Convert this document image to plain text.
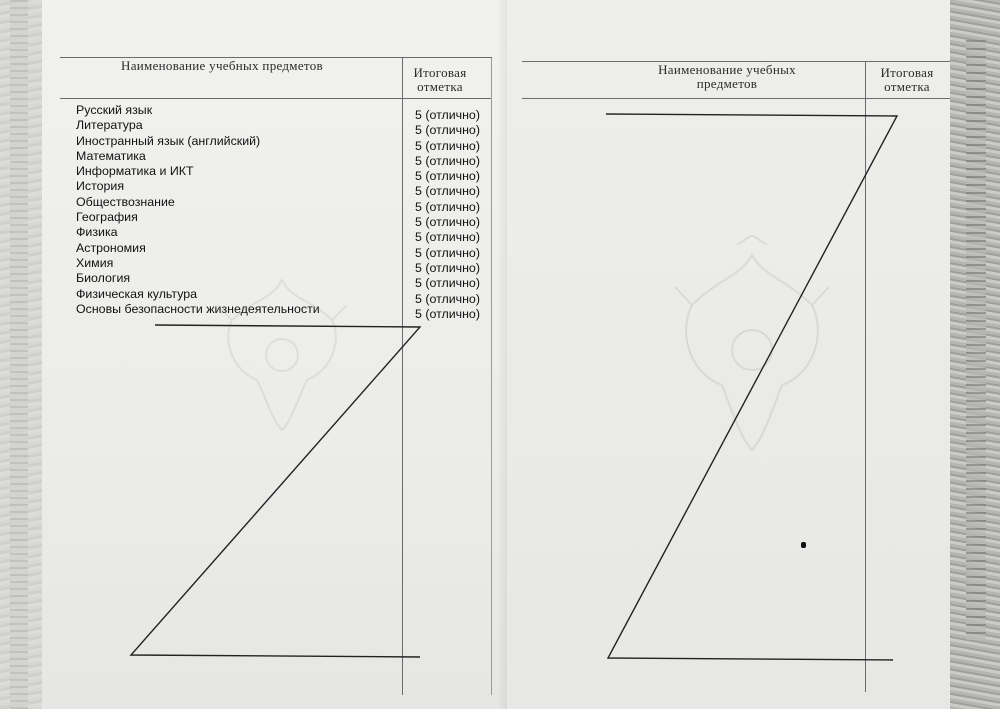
Наименование учебных предметов	Итоговая отметка
Русский язык
Литература
Иностранный язык (английский)
Математика
Информатика и ИКТ
История
Обществознание
География
Физика
Астрономия
Химия
Биология
Физическая культура
Основы безопасности жизнедеятельности
5 (отлично)
5 (отлично)
5 (отлично)
5 (отлично)
5 (отлично)
5 (отлично)
5 (отлично)
5 (отлично)
5 (отлично)
5 (отлично)
5 (отлично)
5 (отлично)
5 (отлично)
5 (отлично)
Наименование учебных предметов
Итоговая отметка
